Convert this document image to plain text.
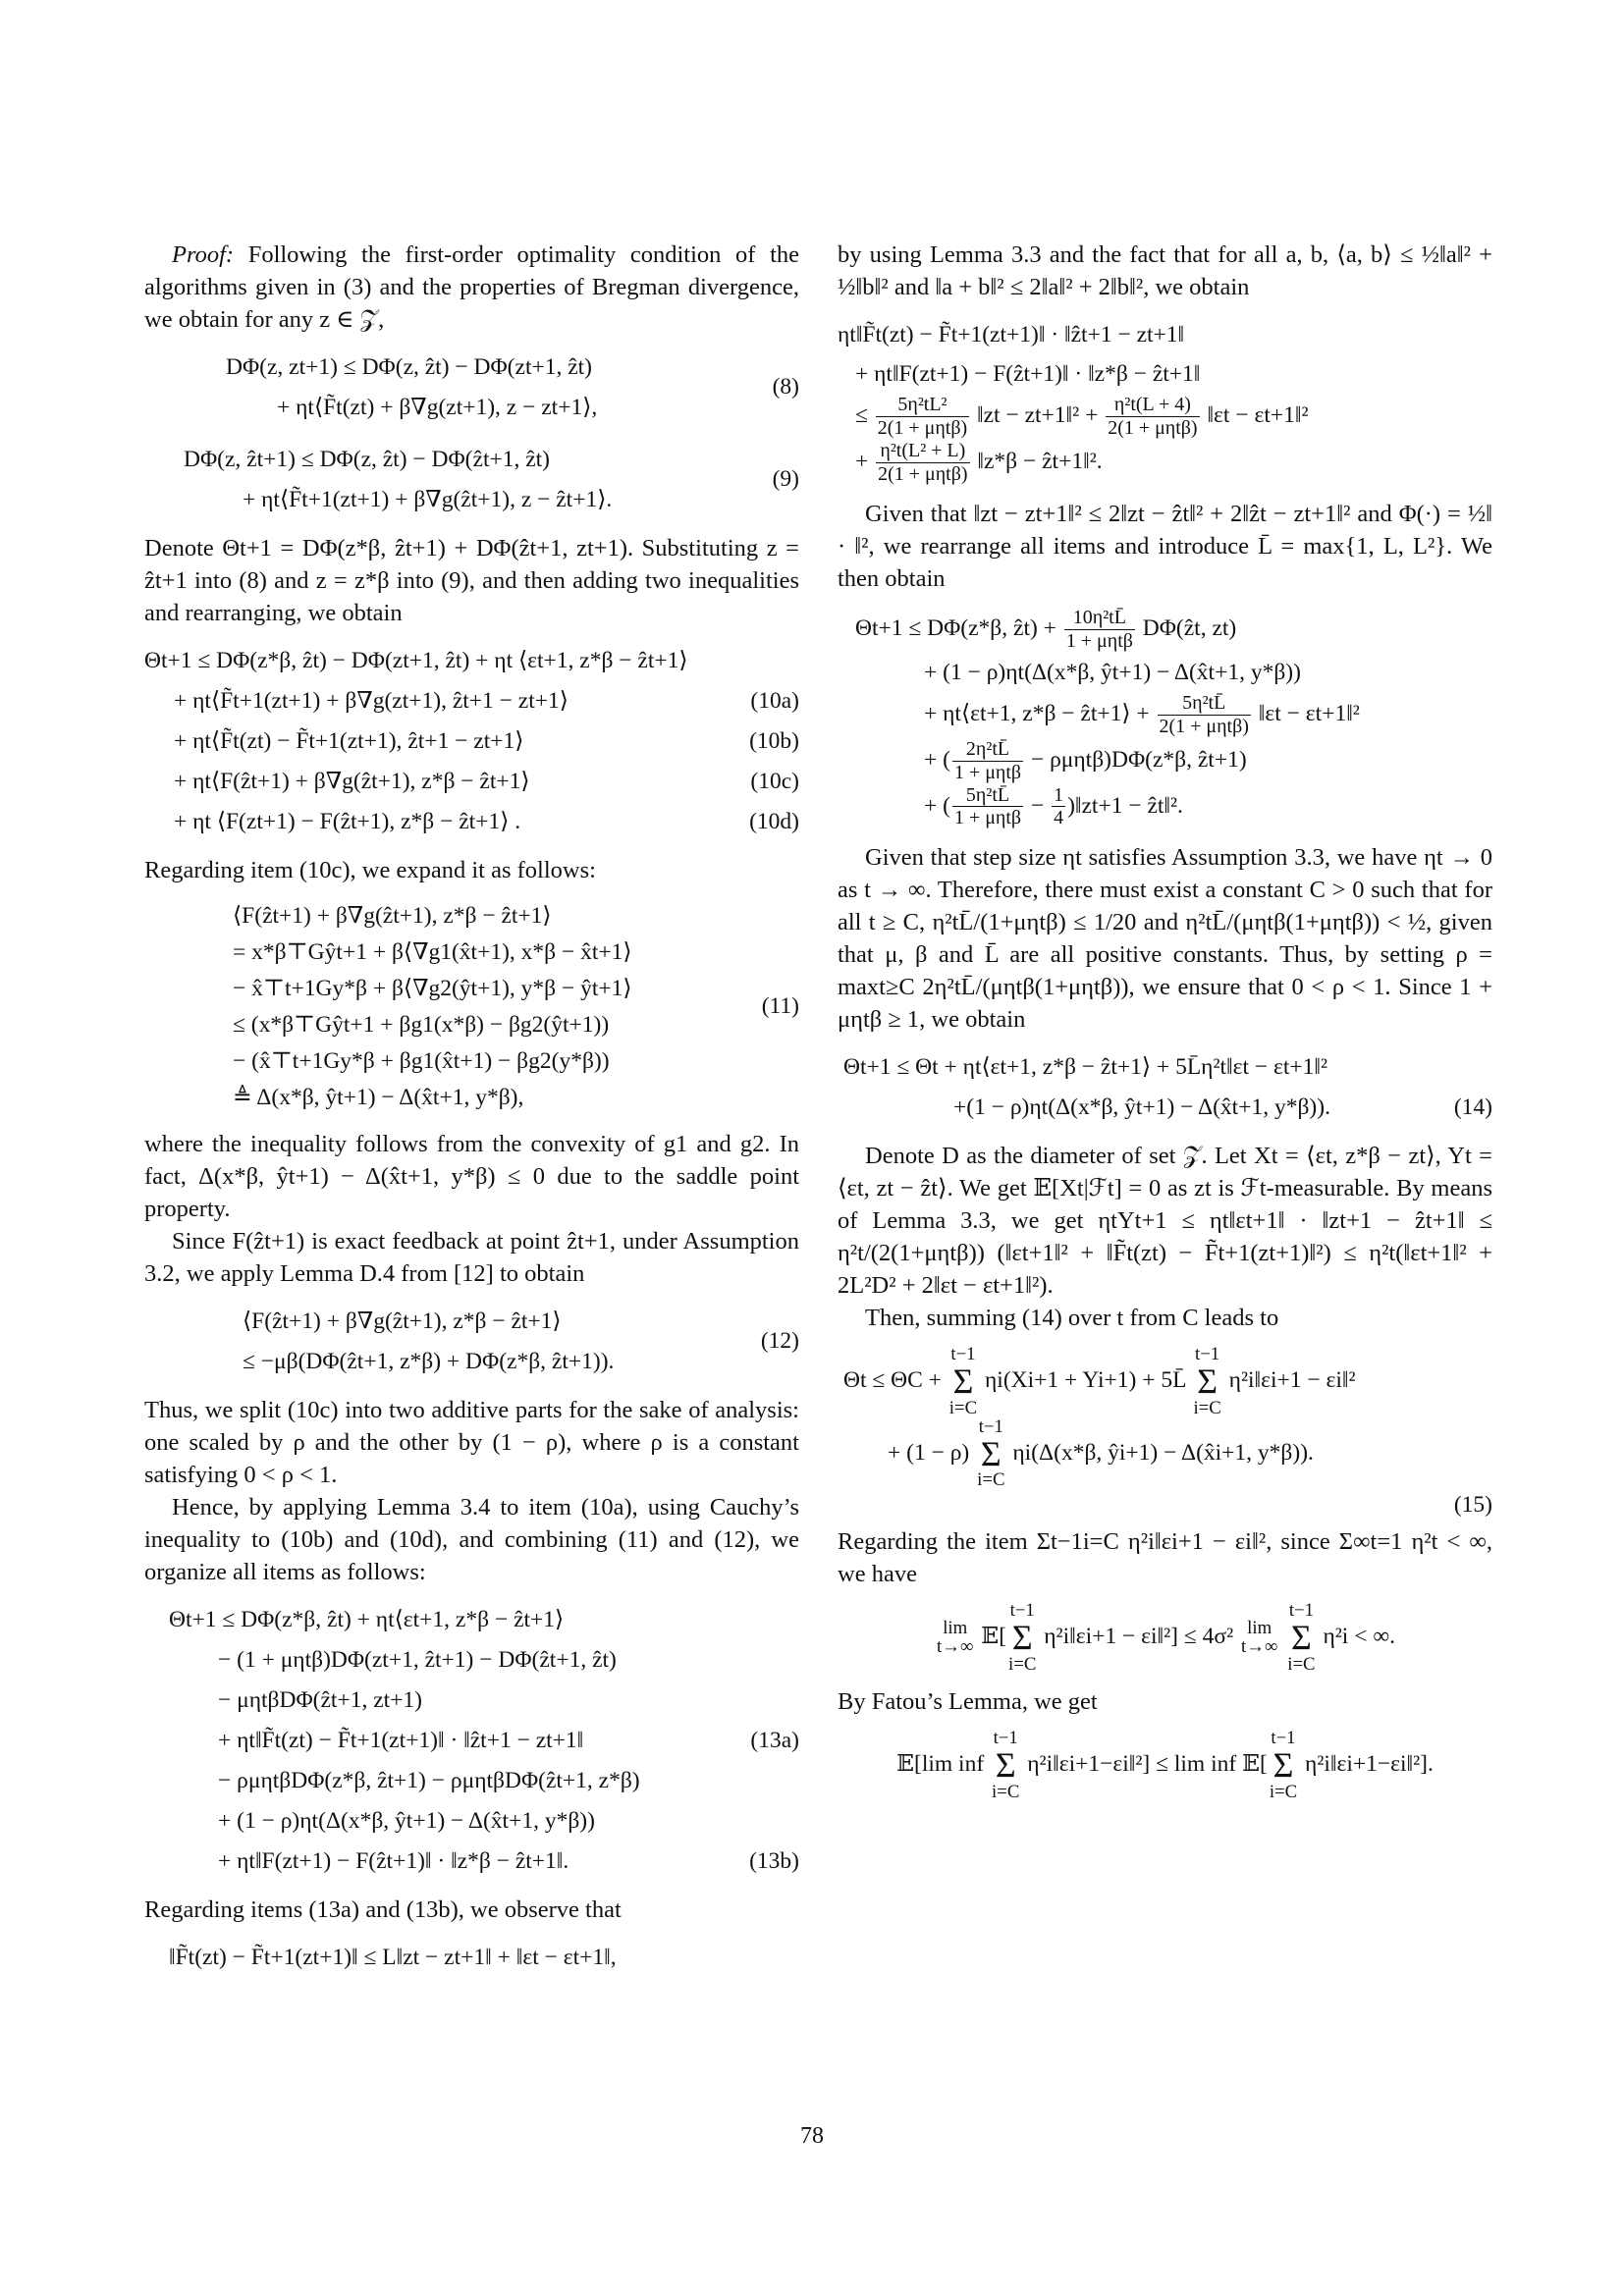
Proof: Following the first-order optimality condition of the algorithms given in (3) and the properties of Bregman divergence, we obtain for any z ∈ 𝒵,

DΦ(z, zt+1) ≤ DΦ(z, ẑt) − DΦ(zt+1, ẑt)
+ ηt⟨F̃t(zt) + β∇g(zt+1), z − zt+1⟩,
(8)
DΦ(z, ẑt+1) ≤ DΦ(z, ẑt) − DΦ(ẑt+1, ẑt)
+ ηt⟨F̃t+1(zt+1) + β∇g(ẑt+1), z − ẑt+1⟩.
(9)

Denote Θt+1 = DΦ(z*β, ẑt+1) + DΦ(ẑt+1, zt+1). Substituting z = ẑt+1 into (8) and z = z*β into (9), and then adding two inequalities and rearranging, we obtain

Θt+1 ≤ DΦ(z*β, ẑt) − DΦ(zt+1, ẑt) + ηt ⟨εt+1, z*β − ẑt+1⟩
+ ηt⟨F̃t+1(zt+1) + β∇g(zt+1), ẑt+1 − zt+1⟩	(10a)
+ ηt⟨F̃t(zt) − F̃t+1(zt+1), ẑt+1 − zt+1⟩	(10b)
+ ηt⟨F(ẑt+1) + β∇g(ẑt+1), z*β − ẑt+1⟩	(10c)
+ ηt ⟨F(zt+1) − F(ẑt+1), z*β − ẑt+1⟩ .	(10d)

Regarding item (10c), we expand it as follows:

⟨F(ẑt+1) + β∇g(ẑt+1), z*β − ẑt+1⟩
= x*β⊤Gŷt+1 + β⟨∇g1(x̂t+1), x*β − x̂t+1⟩
− x̂⊤t+1Gy*β + β⟨∇g2(ŷt+1), y*β − ŷt+1⟩
≤ (x*β⊤Gŷt+1 + βg1(x*β) − βg2(ŷt+1))
− (x̂⊤t+1Gy*β + βg1(x̂t+1) − βg2(y*β))
≜ Δ(x*β, ŷt+1) − Δ(x̂t+1, y*β),
(11)

where the inequality follows from the convexity of g1 and g2. In fact, Δ(x*β, ŷt+1) − Δ(x̂t+1, y*β) ≤ 0 due to the saddle point property.

Since F(ẑt+1) is exact feedback at point ẑt+1, under Assumption 3.2, we apply Lemma D.4 from [12] to obtain

⟨F(ẑt+1) + β∇g(ẑt+1), z*β − ẑt+1⟩
≤ −μβ(DΦ(ẑt+1, z*β) + DΦ(z*β, ẑt+1)).
(12)

Thus, we split (10c) into two additive parts for the sake of analysis: one scaled by ρ and the other by (1 − ρ), where ρ is a constant satisfying 0 < ρ < 1.

Hence, by applying Lemma 3.4 to item (10a), using Cauchy’s inequality to (10b) and (10d), and combining (11) and (12), we organize all items as follows:

Θt+1 ≤ DΦ(z*β, ẑt) + ηt⟨εt+1, z*β − ẑt+1⟩
− (1 + μηtβ)DΦ(zt+1, ẑt+1) − DΦ(ẑt+1, ẑt)
− μηtβDΦ(ẑt+1, zt+1)
+ ηt‖F̃t(zt) − F̃t+1(zt+1)‖ · ‖ẑt+1 − zt+1‖	(13a)
− ρμηtβDΦ(z*β, ẑt+1) − ρμηtβDΦ(ẑt+1, z*β)
+ (1 − ρ)ηt(Δ(x*β, ŷt+1) − Δ(x̂t+1, y*β))
+ ηt‖F(zt+1) − F(ẑt+1)‖ · ‖z*β − ẑt+1‖.	(13b)

Regarding items (13a) and (13b), we observe that

‖F̃t(zt) − F̃t+1(zt+1)‖ ≤ L‖zt − zt+1‖ + ‖εt − εt+1‖,

by using Lemma 3.3 and the fact that for all a, b, ⟨a, b⟩ ≤ ½‖a‖² + ½‖b‖² and ‖a + b‖² ≤ 2‖a‖² + 2‖b‖², we obtain

ηt‖F̃t(zt) − F̃t+1(zt+1)‖ · ‖ẑt+1 − zt+1‖
+ ηt‖F(zt+1) − F(ẑt+1)‖ · ‖z*β − ẑt+1‖
≤ $\frac{\text{5η²tL²}}{\text{2(1 + μηtβ)}}$ ‖zt − zt+1‖² + $\frac{\text{η²t(L + 4)}}{\text{2(1 + μηtβ)}}$ ‖εt − εt+1‖²
+ $\frac{\text{η²t(L² + L)}}{\text{2(1 + μηtβ)}}$ ‖z*β − ẑt+1‖².

Given that ‖zt − zt+1‖² ≤ 2‖zt − ẑt‖² + 2‖ẑt − zt+1‖² and Φ(·) = ½‖ · ‖², we rearrange all items and introduce L̄ = max{1, L, L²}. We then obtain

Θt+1 ≤ DΦ(z*β, ẑt) + $\frac{\text{10η²tL̄}}{\text{1 + μηtβ}}$ DΦ(ẑt, zt)
+ (1 − ρ)ηt(Δ(x*β, ŷt+1) − Δ(x̂t+1, y*β))
+ ηt⟨εt+1, z*β − ẑt+1⟩ + $\frac{\text{5η²tL̄}}{\text{2(1 + μηtβ)}}$ ‖εt − εt+1‖²
+ ( $\frac{\text{2η²tL̄}}{\text{1 + μηtβ}} - \rho\mu\eta t\beta)D\Phi(z*\beta$, ẑt+1)
+ ( $\frac{\text{5η²tL̄}}{\text{1 + μηtβ}} - \frac{1}{4}$ )‖zt+1 − ẑt‖².

Given that step size ηt satisfies Assumption 3.3, we have ηt → 0 as t → ∞. Therefore, there must exist a constant C > 0 such that for all t ≥ C, η²tL̄/(1+μηtβ) ≤ 1/20 and η²tL̄/(μηtβ(1+μηtβ)) < ½, given that μ, β and L̄ are all positive constants. Thus, by setting ρ = maxt≥C 2η²tL̄/(μηtβ(1+μηtβ)), we ensure that 0 < ρ < 1. Since 1 + μηtβ ≥ 1, we obtain

Θt+1 ≤ Θt + ηt⟨εt+1, z*β − ẑt+1⟩ + 5L̄η²t‖εt − εt+1‖²
+(1 − ρ)ηt(Δ(x*β, ŷt+1) − Δ(x̂t+1, y*β)).	(14)

Denote D as the diameter of set 𝒵. Let Xt = ⟨εt, z*β − zt⟩, Yt = ⟨εt, zt − ẑt⟩. We get 𝔼[Xt|ℱt] = 0 as zt is ℱt-measurable. By means of Lemma 3.3, we get ηtYt+1 ≤ ηt‖εt+1‖ · ‖zt+1 − ẑt+1‖ ≤ η²t/(2(1+μηtβ)) (‖εt+1‖² + ‖F̃t(zt) − F̃t+1(zt+1)‖²) ≤ η²t(‖εt+1‖² + 2L²D² + 2‖εt − εt+1‖²).

Then, summing (14) over t from C leads to

Θt ≤ ΘC + t−1
Σ
i=C ηi(Xi+1 + Yi+1) + 5L̄ t−1
Σ
i=C η²i‖εi+1 − εi‖²
+ (1 − ρ) t−1
Σ
i=C ηi(Δ(x*β, ŷi+1) − Δ(x̂i+1, y*β)).
(15)

Regarding the item Σt−1i=C η²i‖εi+1 − εi‖², since Σ∞t=1 η²t < ∞, we have

lim
t→∞ 𝔼[t−1
Σ
i=C η²i‖εi+1 − εi‖²] ≤ 4σ² lim
t→∞ t−1
Σ
i=C η²i < ∞.

By Fatou’s Lemma, we get

𝔼[lim inf t−1
Σ
i=C η²i‖εi+1−εi‖²] ≤ lim inf 𝔼[t−1
Σ
i=C η²i‖εi+1−εi‖²].
78
